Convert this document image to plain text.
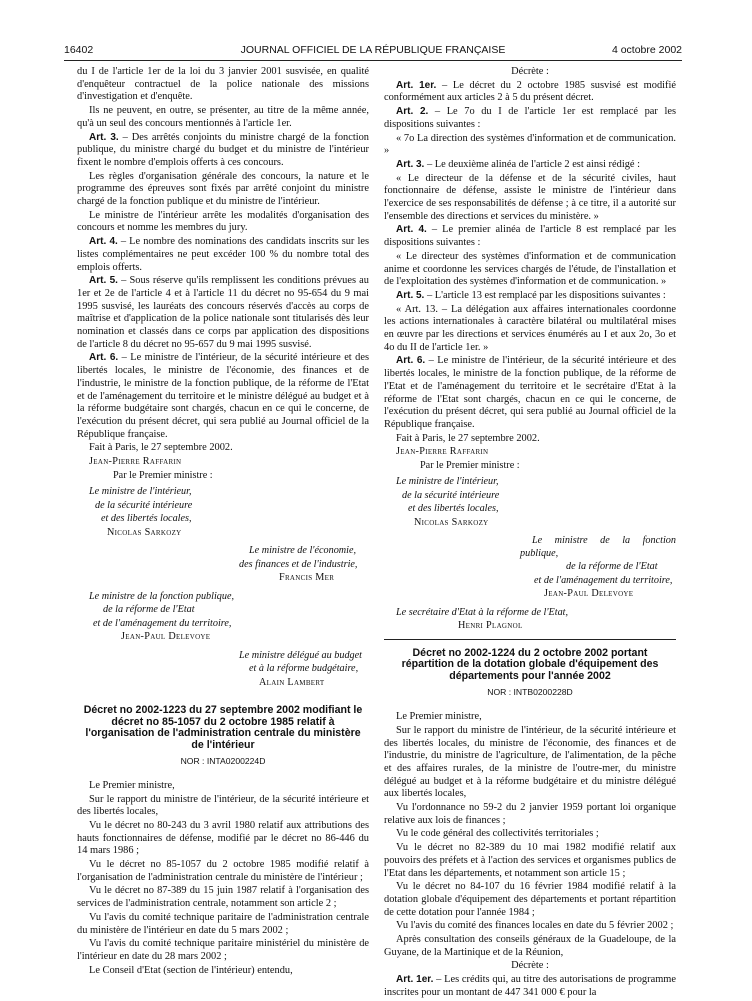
16402	JOURNAL OFFICIEL DE LA RÉPUBLIQUE FRANÇAISE	4 octobre 2002

du I de l'article 1er de la loi du 3 janvier 2001 susvisée, en qualité d'enquêteur contractuel de la police nationale des missions d'investigation et d'enquête.

Ils ne peuvent, en outre, se présenter, au titre de la même année, qu'à un seul des concours mentionnés à l'article 1er.

Art. 3. – Des arrêtés conjoints du ministre chargé de la fonction publique, du ministre chargé du budget et du ministre de l'intérieur fixent le nombre d'emplois offerts à ces concours.

Les règles d'organisation générale des concours, la nature et le programme des épreuves sont fixés par arrêté conjoint du ministre chargé de la fonction publique et du ministre de l'intérieur.

Le ministre de l'intérieur arrête les modalités d'organisation des concours et nomme les membres du jury.

Art. 4. – Le nombre des nominations des candidats inscrits sur les listes complémentaires ne peut excéder 100 % du nombre total des emplois offerts.

Art. 5. – Sous réserve qu'ils remplissent les conditions prévues au 1er et 2e de l'article 4 et à l'article 11 du décret no 95-654 du 9 mai 1995 susvisé, les lauréats des concours réservés d'accès au corps de maîtrise et d'application de la police nationale sont titularisés dès leur nomination et classés dans ce corps par application des dispositions de l'article 8 du décret no 95-657 du 9 mai 1995 susvisé.

Art. 6. – Le ministre de l'intérieur, de la sécurité intérieure et des libertés locales, le ministre de l'économie, des finances et de l'industrie, le ministre de la fonction publique, de la réforme de l'Etat et de l'aménagement du territoire et le ministre délégué au budget et à la réforme budgétaire sont chargés, chacun en ce qui le concerne, de l'exécution du présent décret, qui sera publié au Journal officiel de la République française.

Fait à Paris, le 27 septembre 2002.

Jean-Pierre Raffarin

Par le Premier ministre :

Le ministre de l'intérieur,

de la sécurité intérieure

et des libertés locales,

Nicolas Sarkozy

Le ministre de l'économie,

des finances et de l'industrie,

Francis Mer

Le ministre de la fonction publique,

de la réforme de l'Etat

et de l'aménagement du territoire,

Jean-Paul Delevoye

Le ministre délégué au budget

et à la réforme budgétaire,

Alain Lambert

Décret no 2002-1223 du 27 septembre 2002 modifiant le décret no 85-1057 du 2 octobre 1985 relatif à l'organisation de l'administration centrale du ministère de l'intérieur
NOR : INTA0200224D

Le Premier ministre,

Sur le rapport du ministre de l'intérieur, de la sécurité intérieure et des libertés locales,

Vu le décret no 80-243 du 3 avril 1980 relatif aux attributions des hauts fonctionnaires de défense, modifié par le décret no 86-446 du 14 mars 1986 ;

Vu le décret no 85-1057 du 2 octobre 1985 modifié relatif à l'organisation de l'administration centrale du ministère de l'intérieur ;

Vu le décret no 87-389 du 15 juin 1987 relatif à l'organisation des services de l'administration centrale, notamment son article 2 ;

Vu l'avis du comité technique paritaire de l'administration centrale du ministère de l'intérieur en date du 5 mars 2002 ;

Vu l'avis du comité technique paritaire ministériel du ministère de l'intérieur en date du 28 mars 2002 ;

Le Conseil d'Etat (section de l'intérieur) entendu,

Décrète :

Art. 1er. – Le décret du 2 octobre 1985 susvisé est modifié conformément aux articles 2 à 5 du présent décret.

Art. 2. – Le 7o du I de l'article 1er est remplacé par les dispositions suivantes :

« 7o La direction des systèmes d'information et de communication. »

Art. 3. – Le deuxième alinéa de l'article 2 est ainsi rédigé :

« Le directeur de la défense et de la sécurité civiles, haut fonctionnaire de défense, assiste le ministre de l'intérieur dans l'exercice de ses responsabilités de défense ; à ce titre, il a autorité sur l'ensemble des directions et services du ministère. »

Art. 4. – Le premier alinéa de l'article 8 est remplacé par les dispositions suivantes :

« Le directeur des systèmes d'information et de communication anime et coordonne les services chargés de l'étude, de l'installation et de l'exploitation des systèmes d'information et de communication. »

Art. 5. – L'article 13 est remplacé par les dispositions suivantes :

« Art. 13. – La délégation aux affaires internationales coordonne les actions internationales à caractère bilatéral ou multilatéral mises en œuvre par les directions et services énumérés au I et aux 2o, 3o et 4o du II de l'article 1er. »

Art. 6. – Le ministre de l'intérieur, de la sécurité intérieure et des libertés locales, le ministre de la fonction publique, de la réforme de l'Etat et de l'aménagement du territoire et le secrétaire d'Etat à la réforme de l'Etat sont chargés, chacun en ce qui le concerne, de l'exécution du présent décret, qui sera publié au Journal officiel de la République française.

Fait à Paris, le 27 septembre 2002.

Jean-Pierre Raffarin

Par le Premier ministre :

Le ministre de l'intérieur,

de la sécurité intérieure

et des libertés locales,

Nicolas Sarkozy

Le ministre de la fonction publique,

de la réforme de l'Etat

et de l'aménagement du territoire,

Jean-Paul Delevoye

Le secrétaire d'Etat à la réforme de l'Etat,

Henri Plagnol

Décret no 2002-1224 du 2 octobre 2002 portant répartition de la dotation globale d'équipement des départements pour l'année 2002
NOR : INTB0200228D

Le Premier ministre,

Sur le rapport du ministre de l'intérieur, de la sécurité intérieure et des libertés locales, du ministre de l'économie, des finances et de l'industrie, du ministre de l'agriculture, de l'alimentation, de la pêche et des affaires rurales, de la ministre de l'outre-mer, du ministre délégué au budget et à la réforme budgétaire et du ministre délégué aux libertés locales,

Vu l'ordonnance no 59-2 du 2 janvier 1959 portant loi organique relative aux lois de finances ;

Vu le code général des collectivités territoriales ;

Vu le décret no 82-389 du 10 mai 1982 modifié relatif aux pouvoirs des préfets et à l'action des services et organismes publics de l'Etat dans les départements, et notamment son article 15 ;

Vu le décret no 84-107 du 16 février 1984 modifié relatif à la dotation globale d'équipement des départements et portant répartition de cette dotation pour l'année 1984 ;

Vu l'avis du comité des finances locales en date du 5 février 2002 ;

Après consultation des conseils généraux de la Guadeloupe, de la Guyane, de la Martinique et de la Réunion,

Décrète :

Art. 1er. – Les crédits qui, au titre des autorisations de programme inscrites pour un montant de 447 341 000 € pour la
